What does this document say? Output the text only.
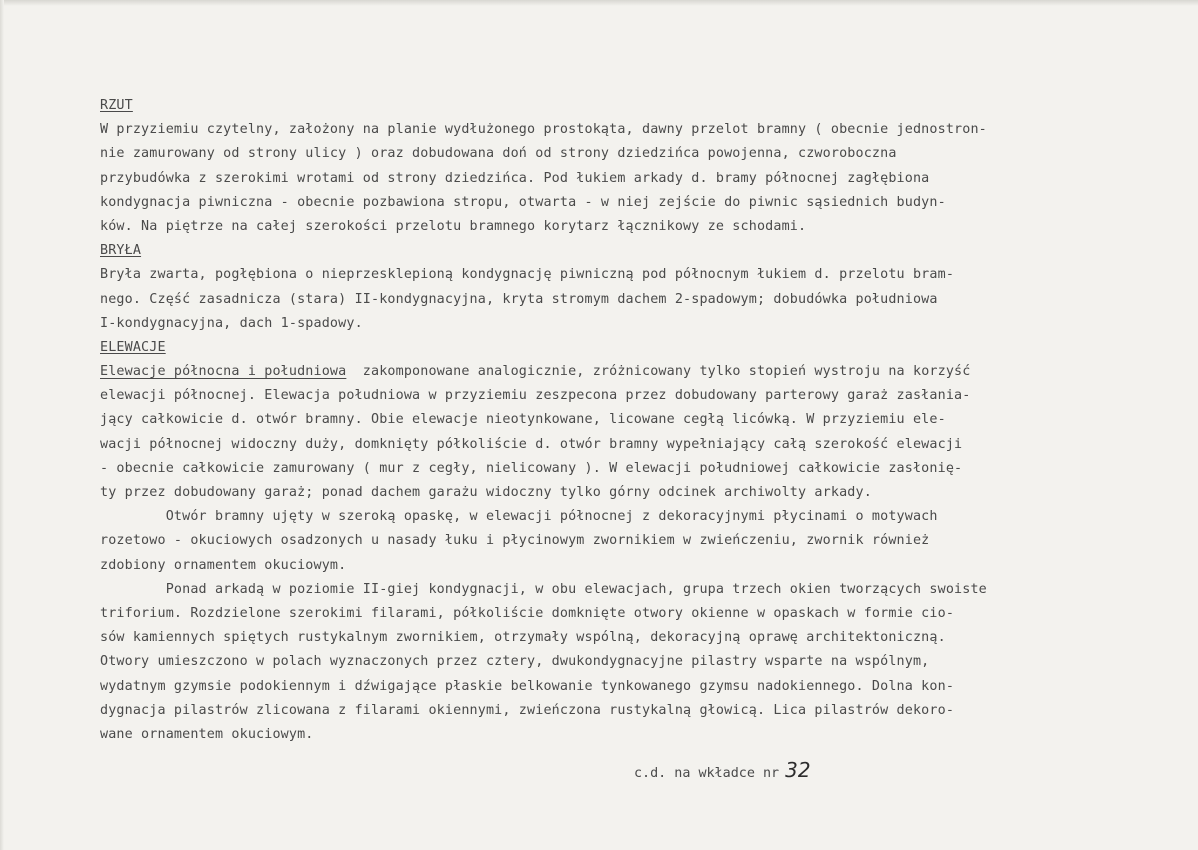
RZUT
W przyziemiu czytelny, założony na planie wydłużonego prostokąta, dawny przelot bramny ( obecnie jednostron-
nie zamurowany od strony ulicy ) oraz dobudowana doń od strony dziedzińca powojenna, czworoboczna
przybudówka z szerokimi wrotami od strony dziedzińca. Pod łukiem arkady d. bramy północnej zagłębiona
kondygnacja piwniczna - obecnie pozbawiona stropu, otwarta - w niej zejście do piwnic sąsiednich budyn-
ków. Na piętrze na całej szerokości przelotu bramnego korytarz łącznikowy ze schodami.
BRYŁA
Bryła zwarta, pogłębiona o nieprzesklepioną kondygnację piwniczną pod północnym łukiem d. przelotu bram-
nego. Część zasadnicza (stara) II-kondygnacyjna, kryta stromym dachem 2-spadowym; dobudówka południowa
I-kondygnacyjna, dach 1-spadowy.
ELEWACJE
Elewacje północna i południowa  zakomponowane analogicznie, zróżnicowany tylko stopień wystroju na korzyść
elewacji północnej. Elewacja południowa w przyziemiu zeszpecona przez dobudowany parterowy garaż zasłania-
jący całkowicie d. otwór bramny. Obie elewacje nieotynkowane, licowane cegłą licówką. W przyziemiu ele-
wacji północnej widoczny duży, domknięty półkoliście d. otwór bramny wypełniający całą szerokość elewacji
- obecnie całkowicie zamurowany ( mur z cegły, nielicowany ). W elewacji południowej całkowicie zasłonię-
ty przez dobudowany garaż; ponad dachem garażu widoczny tylko górny odcinek archiwolty arkady.
Otwór bramny ujęty w szeroką opaskę, w elewacji północnej z dekoracyjnymi płycinami o motywach
rozetowo - okuciowych osadzonych u nasady łuku i płycinowym zwornikiem w zwieńczeniu, zwornik również
zdobiony ornamentem okuciowym.
Ponad arkadą w poziomie II-giej kondygnacji, w obu elewacjach, grupa trzech okien tworzących swoiste
triforium. Rozdzielone szerokimi filarami, półkoliście domknięte otwory okienne w opaskach w formie cio-
sów kamiennych spiętych rustykalnym zwornikiem, otrzymały wspólną, dekoracyjną oprawę architektoniczną.
Otwory umieszczono w polach wyznaczonych przez cztery, dwukondygnacyjne pilastry wsparte na wspólnym,
wydatnym gzymsie podokiennym i dźwigające płaskie belkowanie tynkowanego gzymsu nadokiennego. Dolna kon-
dygnacja pilastrów zlicowana z filarami okiennymi, zwieńczona rustykalną głowicą. Lica pilastrów dekoro-
wane ornamentem okuciowym.
c.d. na wkładce nr 32
